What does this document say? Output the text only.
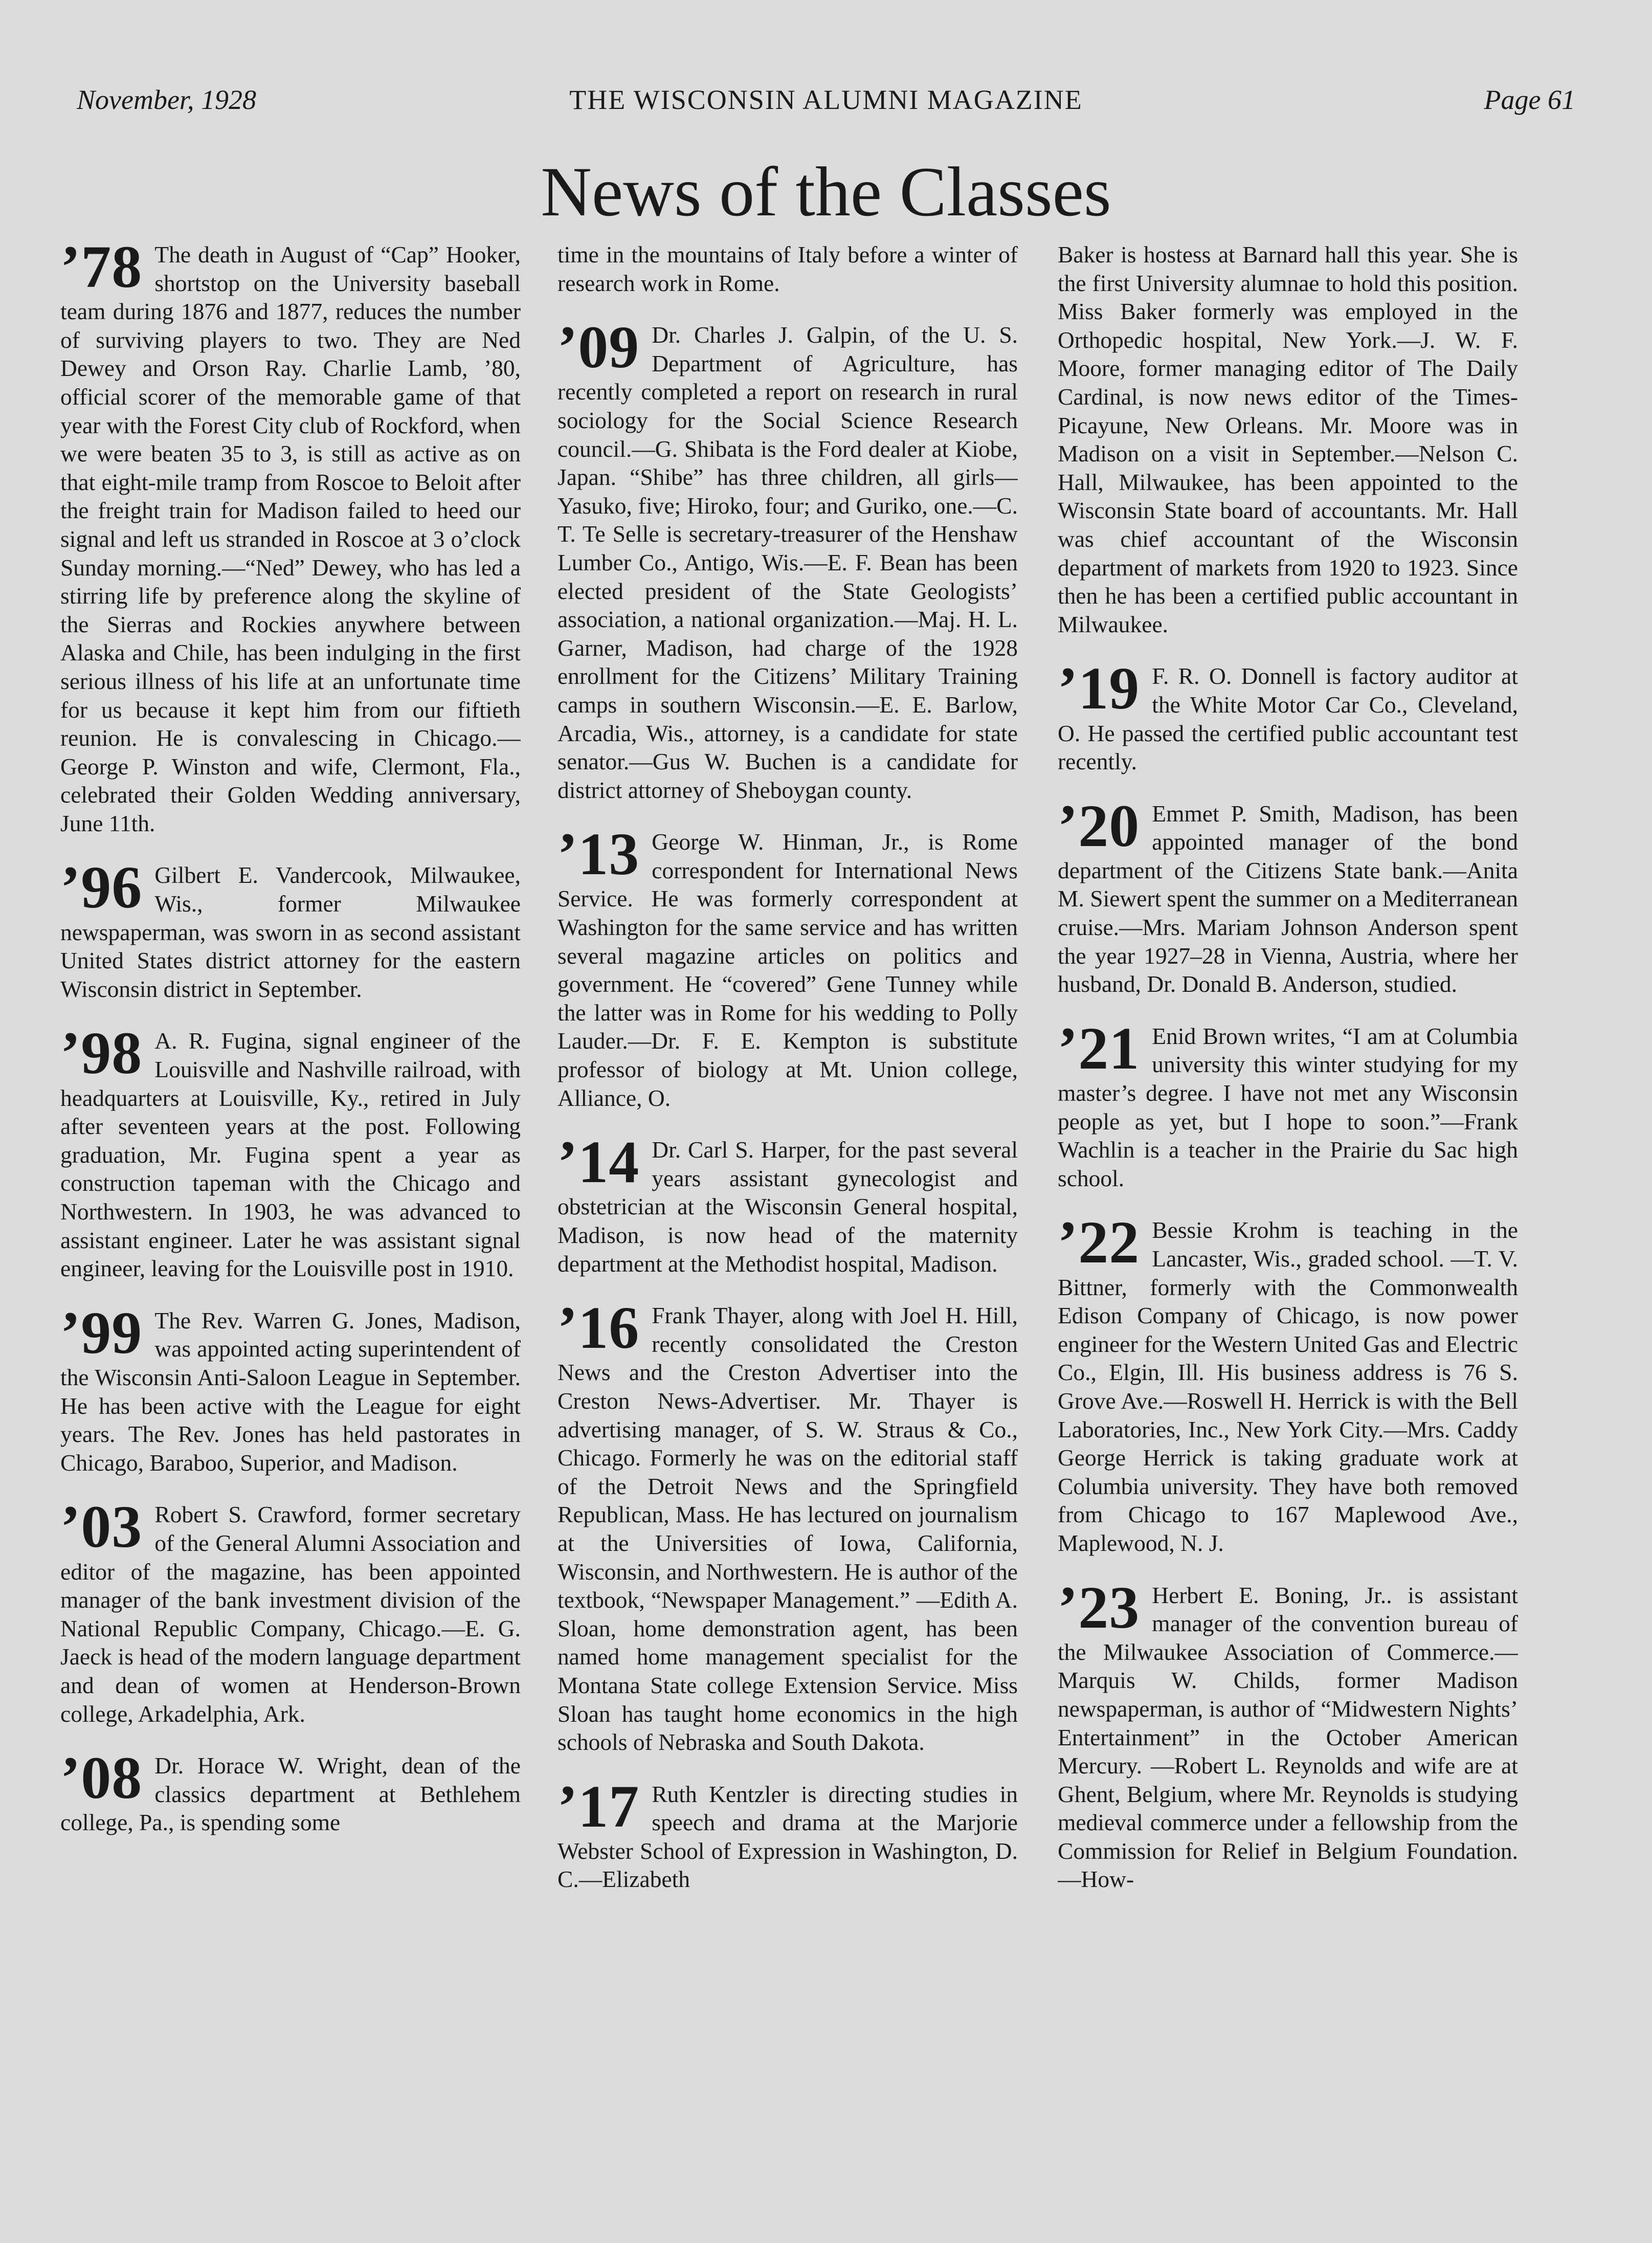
November, 1928	THE WISCONSIN ALUMNI MAGAZINE	Page 61
News of the Classes
’78 The death in August of “Cap” Hooker, shortstop on the University baseball team during 1876 and 1877, reduces the number of surviving players to two. They are Ned Dewey and Orson Ray. Charlie Lamb, ’80, official scorer of the memorable game of that year with the Forest City club of Rockford, when we were beaten 35 to 3, is still as active as on that eight-mile tramp from Roscoe to Beloit after the freight train for Madison failed to heed our signal and left us stranded in Roscoe at 3 o’clock Sunday morning.—“Ned” Dewey, who has led a stirring life by preference along the skyline of the Sierras and Rockies anywhere between Alaska and Chile, has been indulging in the first serious illness of his life at an unfortunate time for us because it kept him from our fiftieth reunion. He is convalescing in Chicago.—George P. Winston and wife, Clermont, Fla., celebrated their Golden Wedding anniversary, June 11th.
’96 Gilbert E. Vandercook, Milwaukee, Wis., former Milwaukee newspaperman, was sworn in as second assistant United States district attorney for the eastern Wisconsin district in September.
’98 A. R. Fugina, signal engineer of the Louisville and Nashville railroad, with headquarters at Louisville, Ky., retired in July after seventeen years at the post. Following graduation, Mr. Fugina spent a year as construction tapeman with the Chicago and Northwestern. In 1903, he was advanced to assistant engineer. Later he was assistant signal engineer, leaving for the Louisville post in 1910.
’99 The Rev. Warren G. Jones, Madison, was appointed acting superintendent of the Wisconsin Anti-Saloon League in September. He has been active with the League for eight years. The Rev. Jones has held pastorates in Chicago, Baraboo, Superior, and Madison.
’03 Robert S. Crawford, former secretary of the General Alumni Association and editor of the magazine, has been appointed manager of the bank investment division of the National Republic Company, Chicago.—E. G. Jaeck is head of the modern language department and dean of women at Henderson-Brown college, Arkadelphia, Ark.
’08 Dr. Horace W. Wright, dean of the classics department at Bethlehem college, Pa., is spending some
time in the mountains of Italy before a winter of research work in Rome.
’09 Dr. Charles J. Galpin, of the U. S. Department of Agriculture, has recently completed a report on research in rural sociology for the Social Science Research council.—G. Shibata is the Ford dealer at Kiobe, Japan. “Shibe” has three children, all girls—Yasuko, five; Hiroko, four; and Guriko, one.—C. T. Te Selle is secretary-treasurer of the Henshaw Lumber Co., Antigo, Wis.—E. F. Bean has been elected president of the State Geologists’ association, a national organization.—Maj. H. L. Garner, Madison, had charge of the 1928 enrollment for the Citizens’ Military Training camps in southern Wisconsin.—E. E. Barlow, Arcadia, Wis., attorney, is a candidate for state senator.—Gus W. Buchen is a candidate for district attorney of Sheboygan county.
’13 George W. Hinman, Jr., is Rome correspondent for International News Service. He was formerly correspondent at Washington for the same service and has written several magazine articles on politics and government. He “covered” Gene Tunney while the latter was in Rome for his wedding to Polly Lauder.—Dr. F. E. Kempton is substitute professor of biology at Mt. Union college, Alliance, O.
’14 Dr. Carl S. Harper, for the past several years assistant gynecologist and obstetrician at the Wisconsin General hospital, Madison, is now head of the maternity department at the Methodist hospital, Madison.
’16 Frank Thayer, along with Joel H. Hill, recently consolidated the Creston News and the Creston Advertiser into the Creston News-Advertiser. Mr. Thayer is advertising manager, of S. W. Straus & Co., Chicago. Formerly he was on the editorial staff of the Detroit News and the Springfield Republican, Mass. He has lectured on journalism at the Universities of Iowa, California, Wisconsin, and Northwestern. He is author of the textbook, “Newspaper Management.” —Edith A. Sloan, home demonstration agent, has been named home management specialist for the Montana State college Extension Service. Miss Sloan has taught home economics in the high schools of Nebraska and South Dakota.
’17 Ruth Kentzler is directing studies in speech and drama at the Marjorie Webster School of Expression in Washington, D. C.—Elizabeth
Baker is hostess at Barnard hall this year. She is the first University alumnae to hold this position. Miss Baker formerly was employed in the Orthopedic hospital, New York.—J. W. F. Moore, former managing editor of The Daily Cardinal, is now news editor of the Times-Picayune, New Orleans. Mr. Moore was in Madison on a visit in September.—Nelson C. Hall, Milwaukee, has been appointed to the Wisconsin State board of accountants. Mr. Hall was chief accountant of the Wisconsin department of markets from 1920 to 1923. Since then he has been a certified public accountant in Milwaukee.
’19 F. R. O. Donnell is factory auditor at the White Motor Car Co., Cleveland, O. He passed the certified public accountant test recently.
’20 Emmet P. Smith, Madison, has been appointed manager of the bond department of the Citizens State bank.—Anita M. Siewert spent the summer on a Mediterranean cruise.—Mrs. Mariam Johnson Anderson spent the year 1927–28 in Vienna, Austria, where her husband, Dr. Donald B. Anderson, studied.
’21 Enid Brown writes, “I am at Columbia university this winter studying for my master’s degree. I have not met any Wisconsin people as yet, but I hope to soon.”—Frank Wachlin is a teacher in the Prairie du Sac high school.
’22 Bessie Krohm is teaching in the Lancaster, Wis., graded school. —T. V. Bittner, formerly with the Commonwealth Edison Company of Chicago, is now power engineer for the Western United Gas and Electric Co., Elgin, Ill. His business address is 76 S. Grove Ave.—Roswell H. Herrick is with the Bell Laboratories, Inc., New York City.—Mrs. Caddy George Herrick is taking graduate work at Columbia university. They have both removed from Chicago to 167 Maplewood Ave., Maplewood, N. J.
’23 Herbert E. Boning, Jr.. is assistant manager of the convention bureau of the Milwaukee Association of Commerce.—Marquis W. Childs, former Madison newspaperman, is author of “Midwestern Nights’ Entertainment” in the October American Mercury. —Robert L. Reynolds and wife are at Ghent, Belgium, where Mr. Reynolds is studying medieval commerce under a fellowship from the Commission for Relief in Belgium Foundation.—How-
